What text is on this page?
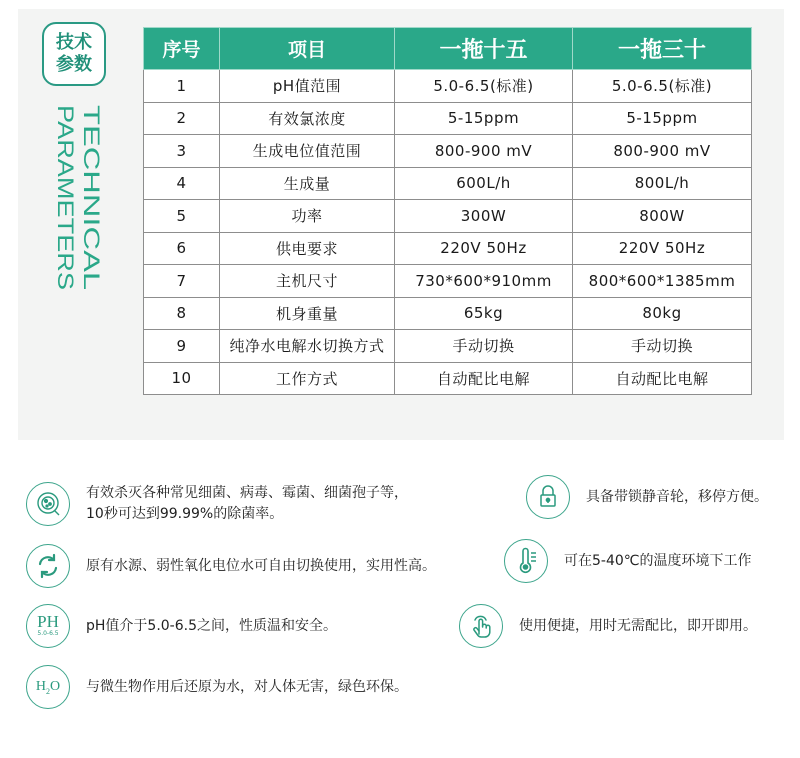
技术
参数
TECHNICAL
PARAMETERS
序号	项目	一拖十五	一拖三十
1	pH值范围	5.0-6.5(标准)	5.0-6.5(标准)
2	有效氯浓度	5-15ppm	5-15ppm
3	生成电位值范围	800-900 mV	800-900 mV
4	生成量	600L/h	800L/h
5	功率	300W	800W
6	供电要求	220V 50Hz	220V 50Hz
7	主机尺寸	730*600*910mm	800*600*1385mm
8	机身重量	65kg	80kg
9	纯净水电解水切换方式	手动切换	手动切换
10	工作方式	自动配比电解	自动配比电解
有效杀灭各种常见细菌、病毒、霉菌、细菌孢子等，
10秒可达到99.99%的除菌率。
具备带锁静音轮，移停方便。
原有水源、弱性氧化电位水可自由切换使用，实用性高。	可在5-40℃的温度环境下工作
PH
5.0-6.5 pH值介于5.0-6.5之间，性质温和安全。	使用便捷，用时无需配比，即开即用。
$H_2O$ 与微生物作用后还原为水，对人体无害，绿色环保。
